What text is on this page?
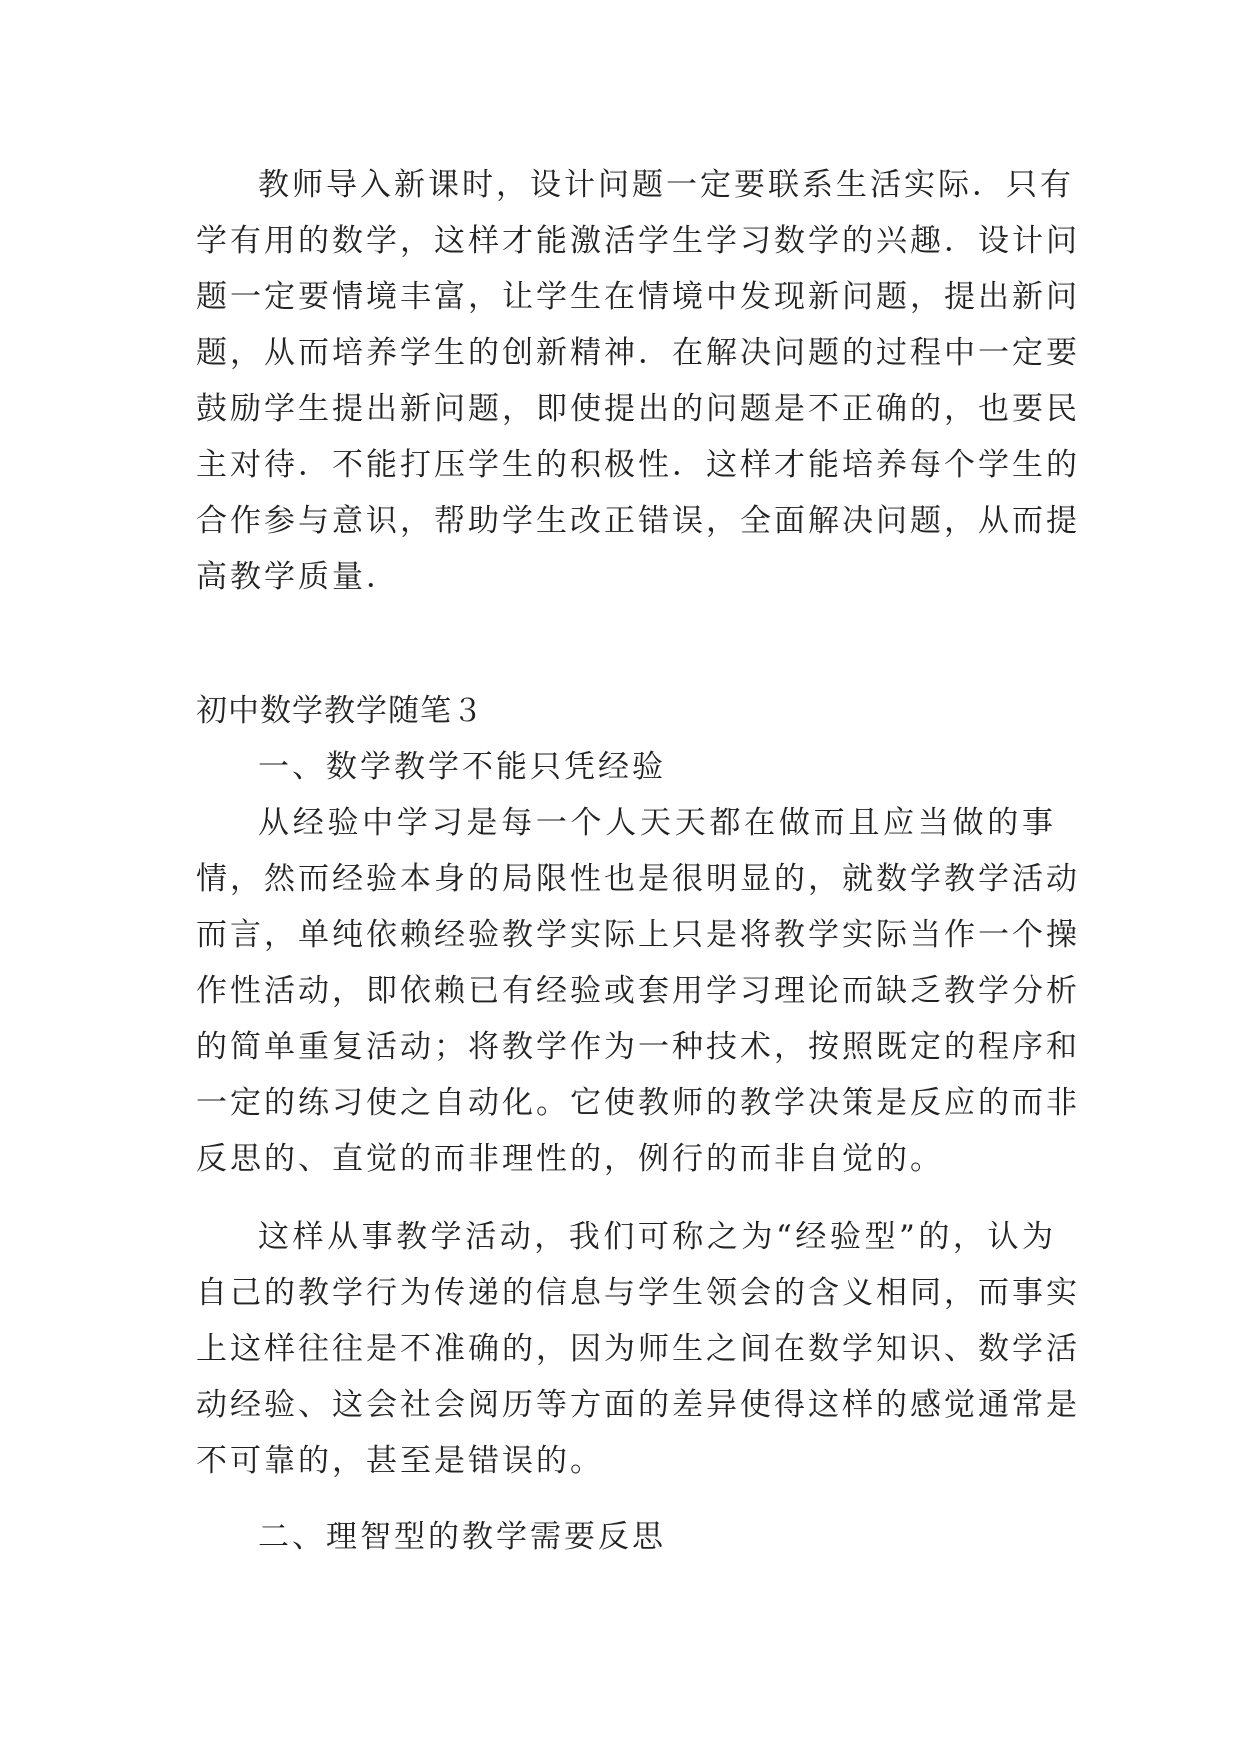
教师导入新课时，设计问题一定要联系生活实际．只有
学有用的数学，这样才能激活学生学习数学的兴趣．设计问
题一定要情境丰富，让学生在情境中发现新问题，提出新问
题，从而培养学生的创新精神．在解决问题的过程中一定要
鼓励学生提出新问题，即使提出的问题是不正确的，也要民
主对待．不能打压学生的积极性．这样才能培养每个学生的
合作参与意识，帮助学生改正错误，全面解决问题，从而提
高教学质量．
初中数学教学随笔３
一、数学教学不能只凭经验
从经验中学习是每一个人天天都在做而且应当做的事
情，然而经验本身的局限性也是很明显的，就数学教学活动
而言，单纯依赖经验教学实际上只是将教学实际当作一个操
作性活动，即依赖已有经验或套用学习理论而缺乏教学分析
的简单重复活动；将教学作为一种技术，按照既定的程序和
一定的练习使之自动化。它使教师的教学决策是反应的而非
反思的、直觉的而非理性的，例行的而非自觉的。
这样从事教学活动，我们可称之为“经验型”的，认为
自己的教学行为传递的信息与学生领会的含义相同，而事实
上这样往往是不准确的，因为师生之间在数学知识、数学活
动经验、这会社会阅历等方面的差异使得这样的感觉通常是
不可靠的，甚至是错误的。
二、理智型的教学需要反思
